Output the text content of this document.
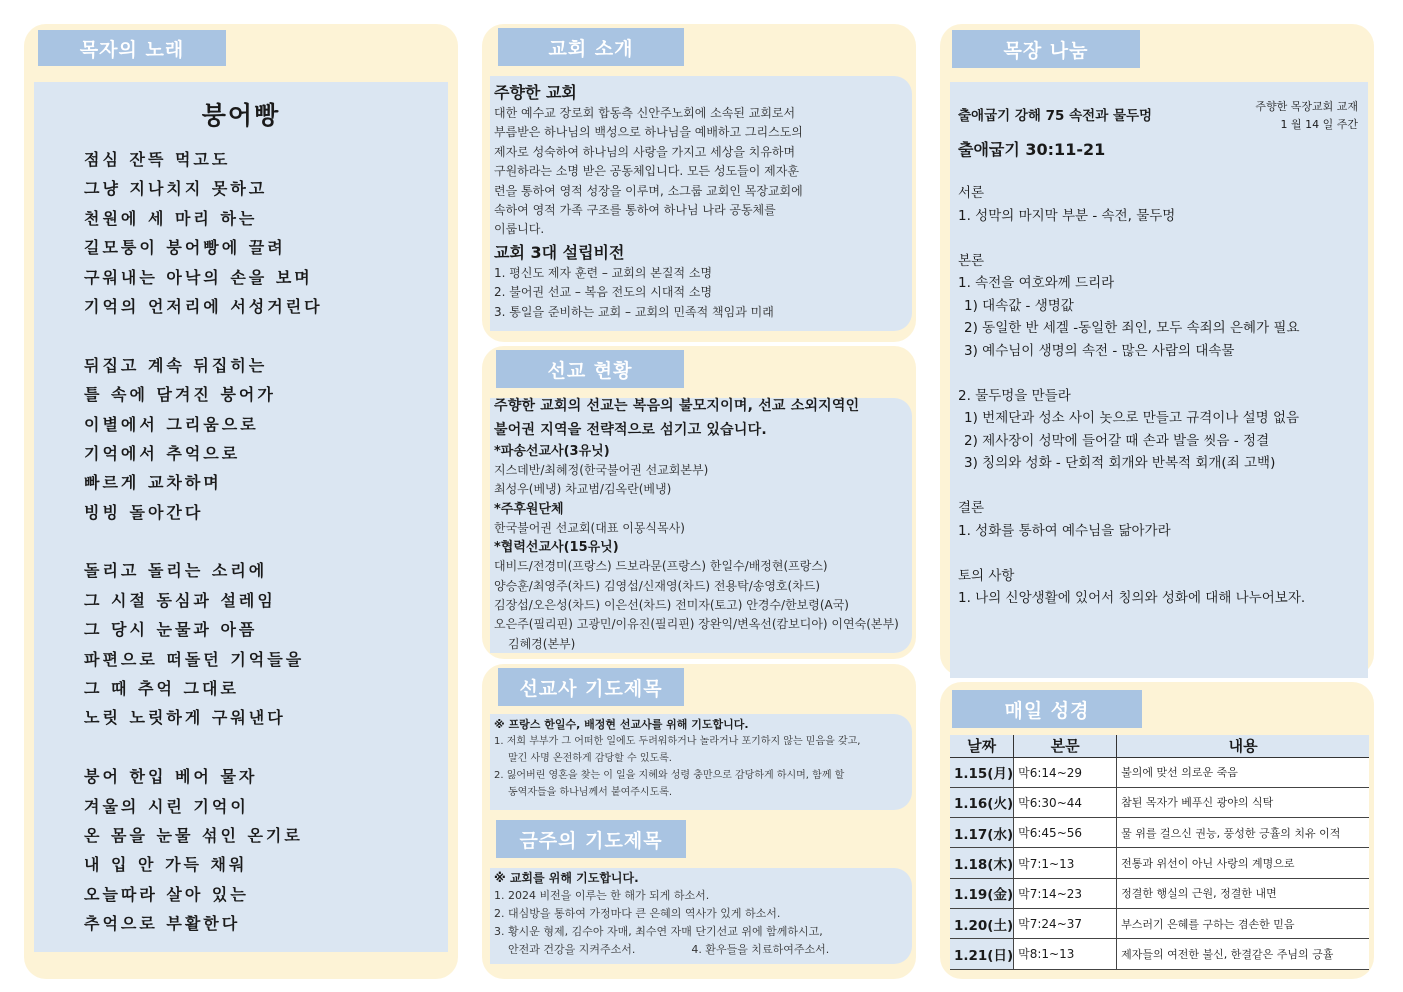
붕어빵
점심 잔뜩 먹고도
그냥 지나치지 못하고
천원에 세 마리 하는
길모퉁이 붕어빵에 끌려
구워내는 아낙의 손을 보며
기억의 언저리에 서성거린다
뒤집고 계속 뒤집히는
틀 속에 담겨진 붕어가
이별에서 그리움으로
기억에서 추억으로
빠르게 교차하며
빙빙 돌아간다
돌리고 돌리는 소리에
그 시절 동심과 설레임
그 당시 눈물과 아픔
파편으로 떠돌던 기억들을
그 때 추억 그대로
노릿 노릿하게 구워낸다
붕어 한입 베어 물자
겨울의 시린 기억이
온 몸을 눈물 섞인 온기로
내 입 안 가득 채워
오늘따라 살아 있는
추억으로 부활한다
목자의 노래
주향한 교회
대한 예수교 장로회 합동측 신안주노회에 소속된 교회로서
부름받은 하나님의 백성으로 하나님을 예배하고 그리스도의
제자로 성숙하여 하나님의 사랑을 가지고 세상을 치유하며
구원하라는 소명 받은 공동체입니다. 모든 성도들이 제자훈
련을 통하여 영적 성장을 이루며, 소그룹 교회인 목장교회에
속하여 영적 가족 구조를 통하여 하나님 나라 공동체를
이룹니다.
교회 3대 설립비전
1. 평신도 제자 훈련 – 교회의 본질적 소명
2. 불어권 선교 – 복음 전도의 시대적 소명
3. 통일을 준비하는 교회 – 교회의 민족적 책임과 미래
교회 소개
주향한 교회의 선교는 복음의 불모지이며, 선교 소외지역인
불어권 지역을 전략적으로 섬기고 있습니다.
*파송선교사(3유닛)
지스데반/최혜정(한국불어권 선교회본부)
최성우(베냉) 차교범/김옥란(베냉)
*주후원단체
한국불어권 선교회(대표 이몽식목사)
*협력선교사(15유닛)
대비드/전경미(프랑스) 드보라문(프랑스) 한일수/배정현(프랑스)
양승훈/최영주(차드) 김영섭/신재영(차드) 전용탁/송영호(차드)
김장섭/오은성(차드) 이은선(차드) 전미자(토고) 안경수/한보령(A국)
오은주(필리핀) 고광민/이유진(필리핀) 장완익/변옥선(캄보디아) 이연숙(본부)
김혜경(본부)
선교 현황
선교사 기도제목
※ 프랑스 한일수, 배정현 선교사를 위해 기도합니다.
1. 저희 부부가 그 어떠한 일에도 두려워하거나 놀라거나 포기하지 않는 믿음을 갖고,
말긴 사명 온전하게 감당할 수 있도록.
2. 잃어버린 영혼을 찾는 이 일을 지혜와 성령 충만으로 감당하게 하시며, 함께 할
동역자들을 하나님께서 붙여주시도록.
금주의 기도제목
※ 교회를 위해 기도합니다.
1. 2024 비전을 이루는 한 해가 되게 하소서.
2. 대심방을 통하여 가정마다 큰 은혜의 역사가 있게 하소서.
3. 황시운 형제, 김수아 자매, 최수연 자매 단기선교 위에 함께하시고,
안전과 건강을 지켜주소서.                4. 환우들을 치료하여주소서.
출애굽기 강해 75 속전과 물두멍
주향한 목장교회 교재
1 월 14 일 주간
출애굽기 30:11-21
서론
1. 성막의 마지막 부분 - 속전, 물두멍
본론
1. 속전을 여호와께 드리라
1) 대속값 - 생명값
2) 동일한 반 세겔 -동일한 죄인, 모두 속죄의 은혜가 필요
3) 예수님이 생명의 속전 - 많은 사람의 대속물
2. 물두멍을 만들라
1) 번제단과 성소 사이 놋으로 만들고 규격이나 설명 없음
2) 제사장이 성막에 들어갈 때 손과 발을 씻음 - 정결
3) 칭의와 성화 - 단회적 회개와 반복적 회개(죄 고백)
결론
1. 성화를 통하여 예수님을 닮아가라
토의 사항
1. 나의 신앙생활에 있어서 칭의와 성화에 대해 나누어보자.
목장 나눔
매일 성경
날짜	본문	내용
1.15(月)	막6:14~29	불의에 맞선 의로운 죽음
1.16(火)	막6:30~44	참된 목자가 베푸신 광야의 식탁
1.17(水)	막6:45~56	물 위를 걸으신 권능, 풍성한 긍휼의 치유 이적
1.18(木)	막7:1~13	전통과 위선이 아닌 사랑의 계명으로
1.19(金)	막7:14~23	정결한 행실의 근원, 정결한 내면
1.20(土)	막7:24~37	부스러기 은혜를 구하는 겸손한 믿음
1.21(日)	막8:1~13	제자들의 여전한 불신, 한결같은 주님의 긍휼
